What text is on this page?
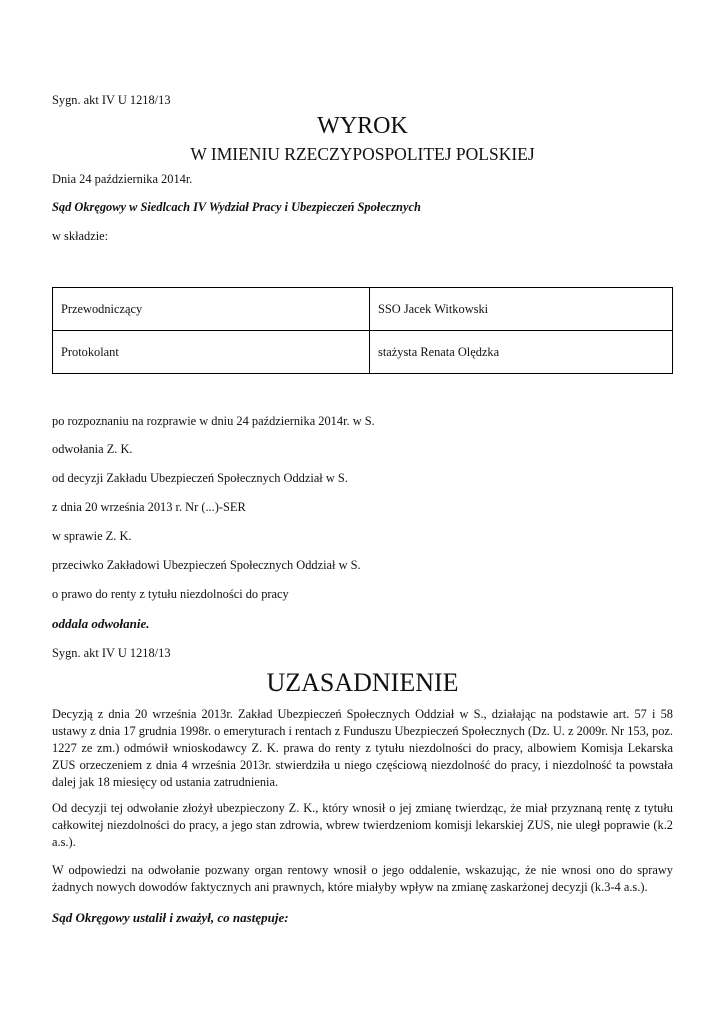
Sygn. akt IV U 1218/13
WYROK
W IMIENIU RZECZYPOSPOLITEJ POLSKIEJ
Dnia 24 października 2014r.
Sąd Okręgowy w Siedlcach IV Wydział Pracy i Ubezpieczeń Społecznych
w składzie:
Przewodniczący	SSO Jacek Witkowski
Protokolant	stażysta Renata Olędzka
po rozpoznaniu na rozprawie w dniu 24 października 2014r. w S.
odwołania Z. K.
od decyzji Zakładu Ubezpieczeń Społecznych Oddział w S.
z dnia 20 września 2013 r. Nr (...)-SER
w sprawie Z. K.
przeciwko Zakładowi Ubezpieczeń Społecznych Oddział w S.
o prawo do renty z tytułu niezdolności do pracy
oddala odwołanie.
Sygn. akt IV U 1218/13
UZASADNIENIE
Decyzją z dnia 20 września 2013r. Zakład Ubezpieczeń Społecznych Oddział w S., działając na podstawie art. 57 i 58 ustawy z dnia 17 grudnia 1998r. o emeryturach i rentach z Funduszu Ubezpieczeń Społecznych (Dz. U. z 2009r. Nr 153, poz. 1227 ze zm.) odmówił wnioskodawcy Z. K. prawa do renty z tytułu niezdolności do pracy, albowiem Komisja Lekarska ZUS orzeczeniem z dnia 4 września 2013r. stwierdziła u niego częściową niezdolność do pracy, i niezdolność ta powstała dalej jak 18 miesięcy od ustania zatrudnienia.
Od decyzji tej odwołanie złożył ubezpieczony Z. K., który wnosił o jej zmianę twierdząc, że miał przyznaną rentę z tytułu całkowitej niezdolności do pracy, a jego stan zdrowia, wbrew twierdzeniom komisji lekarskiej ZUS, nie uległ poprawie (k.2 a.s.).
W odpowiedzi na odwołanie pozwany organ rentowy wnosił o jego oddalenie, wskazując, że nie wnosi ono do sprawy żadnych nowych dowodów faktycznych ani prawnych, które miałyby wpływ na zmianę zaskarżonej decyzji (k.3-4 a.s.).
Sąd Okręgowy ustalił i zważył, co następuje:
